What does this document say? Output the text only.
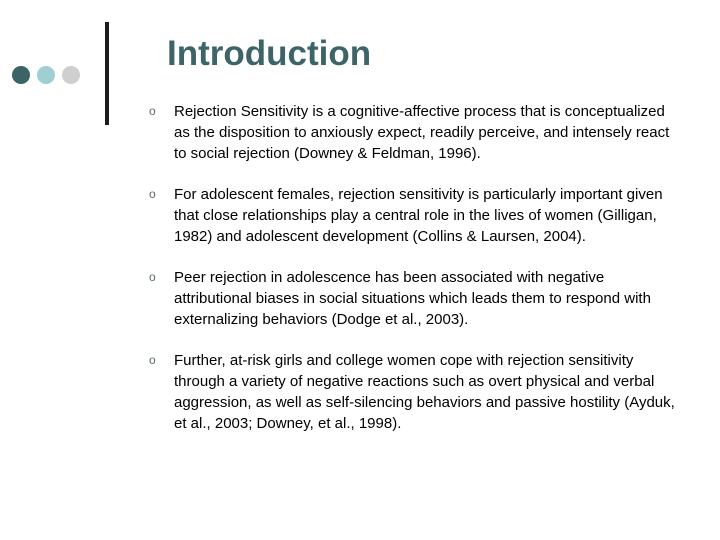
Introduction
o	Rejection Sensitivity is a cognitive-affective process that is conceptualized as the disposition to anxiously expect, readily perceive, and intensely react to social rejection (Downey & Feldman, 1996).
o	For adolescent females, rejection sensitivity is particularly important given that close relationships play a central role in the lives of women (Gilligan, 1982) and adolescent development (Collins & Laursen, 2004).
o	Peer rejection in adolescence has been associated with negative attributional biases in social situations which leads them to respond with externalizing behaviors (Dodge et al., 2003).
o	Further, at-risk girls and college women cope with rejection sensitivity through a variety of negative reactions such as overt physical and verbal aggression, as well as self-silencing behaviors and passive hostility (Ayduk, et al., 2003; Downey, et al., 1998).
